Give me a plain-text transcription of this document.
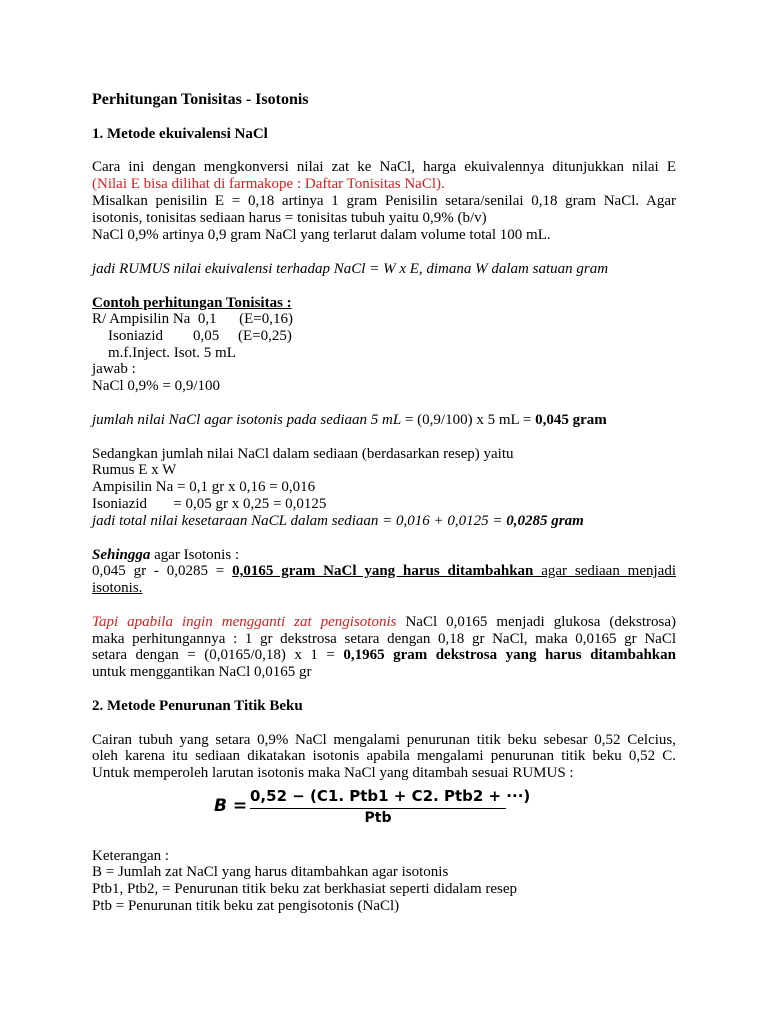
Perhitungan Tonisitas - Isotonis
1. Metode ekuivalensi NaCl
Cara ini dengan mengkonversi nilai zat ke NaCl, harga ekuivalennya ditunjukkan nilai E
(Nilai E bisa dilihat di farmakope : Daftar Tonisitas NaCl).
Misalkan penisilin E = 0,18 artinya 1 gram Penisilin setara/senilai 0,18 gram NaCl. Agar
isotonis, tonisitas sediaan harus = tonisitas tubuh yaitu 0,9% (b/v)
NaCl 0,9% artinya 0,9 gram NaCl yang terlarut dalam volume total 100 mL.
jadi RUMUS nilai ekuivalensi terhadap NaCl = W x E, dimana W dalam satuan gram
Contoh perhitungan Tonisitas :
R/ Ampisilin Na  0,1      (E=0,16)
Isoniazid        0,05     (E=0,25)
m.f.Inject. Isot. 5 mL
jawab :
NaCl 0,9% = 0,9/100
jumlah nilai NaCl agar isotonis pada sediaan 5 mL = (0,9/100) x 5 mL = 0,045 gram
Sedangkan jumlah nilai NaCl dalam sediaan (berdasarkan resep) yaitu
Rumus E x W
Ampisilin Na = 0,1 gr x 0,16 = 0,016
Isoniazid       = 0,05 gr x 0,25 = 0,0125
jadi total nilai kesetaraan NaCL dalam sediaan = 0,016 + 0,0125 = 0,0285 gram
Sehingga agar Isotonis :
0,045 gr - 0,0285 = 0,0165 gram NaCl yang harus ditambahkan agar sediaan menjadi
isotonis.
Tapi apabila ingin mengganti zat pengisotonis NaCl 0,0165 menjadi glukosa (dekstrosa)
maka perhitungannya : 1 gr dekstrosa setara dengan 0,18 gr NaCl, maka 0,0165 gr NaCl
setara dengan = (0,0165/0,18) x 1 = 0,1965 gram dekstrosa yang harus ditambahkan
untuk menggantikan NaCl 0,0165 gr
2. Metode Penurunan Titik Beku
Cairan tubuh yang setara 0,9% NaCl mengalami penurunan titik beku sebesar 0,52 Celcius,
oleh karena itu sediaan dikatakan isotonis apabila mengalami penurunan titik beku 0,52 C.
Untuk memperoleh larutan isotonis maka NaCl yang ditambah sesuai RUMUS :
B = 0,52 − (C1. Ptb1 + C2. Ptb2 + ···)
Ptb
Keterangan :
B = Jumlah zat NaCl yang harus ditambahkan agar isotonis
Ptb1, Ptb2, = Penurunan titik beku zat berkhasiat seperti didalam resep
Ptb = Penurunan titik beku zat pengisotonis (NaCl)
